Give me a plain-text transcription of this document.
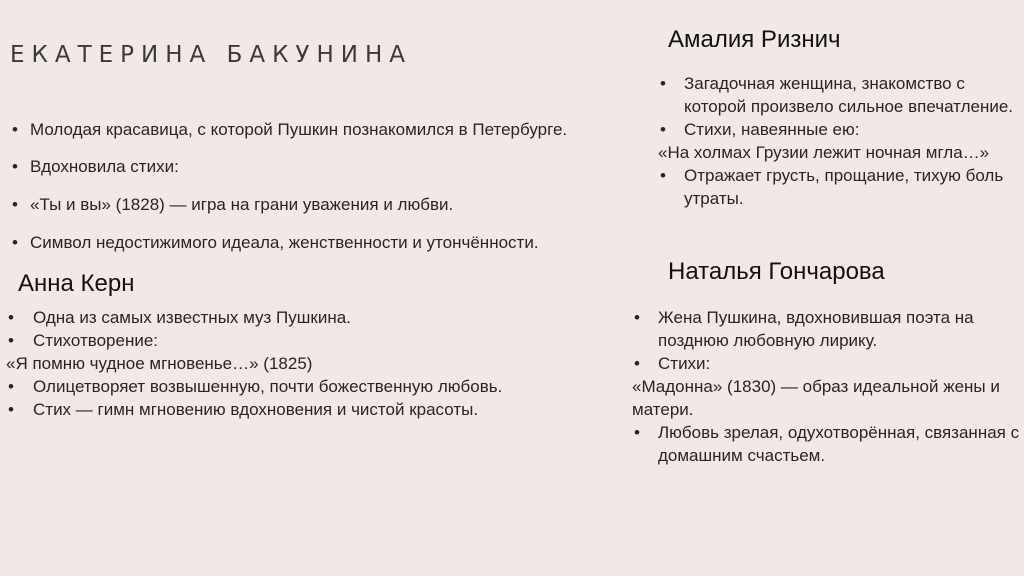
ЕКАТЕРИНА БАКУНИНА
• Молодая красавица, с которой Пушкин познакомился в Петербурге.
• Вдохновила стихи:
• «Ты и вы» (1828) — игра на грани уважения и любви.
• Символ недостижимого идеала, женственности и утончённости.
Анна Керн
• Одна из самых известных муз Пушкина.
• Стихотворение:
«Я помню чудное мгновенье…» (1825)
• Олицетворяет возвышенную, почти божественную любовь.
• Стих — гимн мгновению вдохновения и чистой красоты.
Амалия Ризнич
• Загадочная женщина, знакомство с которой произвело сильное впечатление.
• Стихи, навеянные ею:
«На холмах Грузии лежит ночная мгла…»
• Отражает грусть, прощание, тихую боль утраты.
Наталья Гончарова
• Жена Пушкина, вдохновившая поэта на позднюю любовную лирику.
• Стихи:
«Мадонна» (1830) — образ идеальной жены и матери.
• Любовь зрелая, одухотворённая, связанная с домашним счастьем.
